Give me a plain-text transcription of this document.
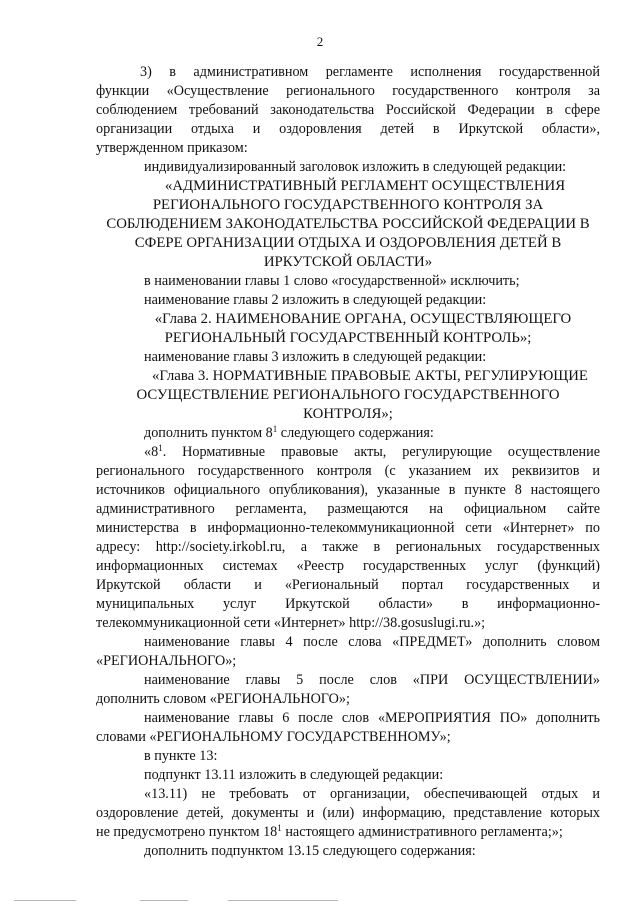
2
3) в административном регламенте исполнения государственной
функции «Осуществление регионального государственного контроля за
соблюдением требований законодательства Российской Федерации в сфере
организации отдыха и оздоровления детей в Иркутской области»,
утвержденном приказом:
индивидуализированный заголовок изложить в следующей редакции:
«АДМИНИСТРАТИВНЫЙ РЕГЛАМЕНТ ОСУЩЕСТВЛЕНИЯ
РЕГИОНАЛЬНОГО ГОСУДАРСТВЕННОГО КОНТРОЛЯ ЗА
СОБЛЮДЕНИЕМ ЗАКОНОДАТЕЛЬСТВА РОССИЙСКОЙ ФЕДЕРАЦИИ В
СФЕРЕ ОРГАНИЗАЦИИ ОТДЫХА И ОЗДОРОВЛЕНИЯ ДЕТЕЙ В
ИРКУТСКОЙ ОБЛАСТИ»
в наименовании главы 1 слово «государственной» исключить;
наименование главы 2 изложить в следующей редакции:
«Глава 2. НАИМЕНОВАНИЕ ОРГАНА, ОСУЩЕСТВЛЯЮЩЕГО
РЕГИОНАЛЬНЫЙ ГОСУДАРСТВЕННЫЙ КОНТРОЛЬ»;
наименование главы 3 изложить в следующей редакции:
«Глава 3. НОРМАТИВНЫЕ ПРАВОВЫЕ АКТЫ, РЕГУЛИРУЮЩИЕ
ОСУЩЕСТВЛЕНИЕ РЕГИОНАЛЬНОГО ГОСУДАРСТВЕННОГО
КОНТРОЛЯ»;
дополнить пунктом $8^1$ следующего содержания:
«$8^1$. Нормативные правовые акты, регулирующие осуществление
регионального государственного контроля (с указанием их реквизитов и
источников официального опубликования), указанные в пункте 8 настоящего
административного регламента, размещаются на официальном сайте
министерства в информационно-телекоммуникационной сети «Интернет» по
адресу: http://society.irkobl.ru, а также в региональных государственных
информационных системах «Реестр государственных услуг (функций)
Иркутской области и «Региональный портал государственных и
муниципальных услуг Иркутской области» в информационно-
телекоммуникационной сети «Интернет» http://38.gosuslugi.ru.»;
наименование главы 4 после слова «ПРЕДМЕТ» дополнить словом
«РЕГИОНАЛЬНОГО»;
наименование главы 5 после слов «ПРИ ОСУЩЕСТВЛЕНИИ»
дополнить словом «РЕГИОНАЛЬНОГО»;
наименование главы 6 после слов «МЕРОПРИЯТИЯ ПО» дополнить
словами «РЕГИОНАЛЬНОМУ ГОСУДАРСТВЕННОМУ»;
в пункте 13:
подпункт 13.11 изложить в следующей редакции:
«13.11) не требовать от организации, обеспечивающей отдых и
оздоровление детей, документы и (или) информацию, представление которых
не предусмотрено пунктом $18^1$ настоящего административного регламента;»;
дополнить подпунктом 13.15 следующего содержания:
